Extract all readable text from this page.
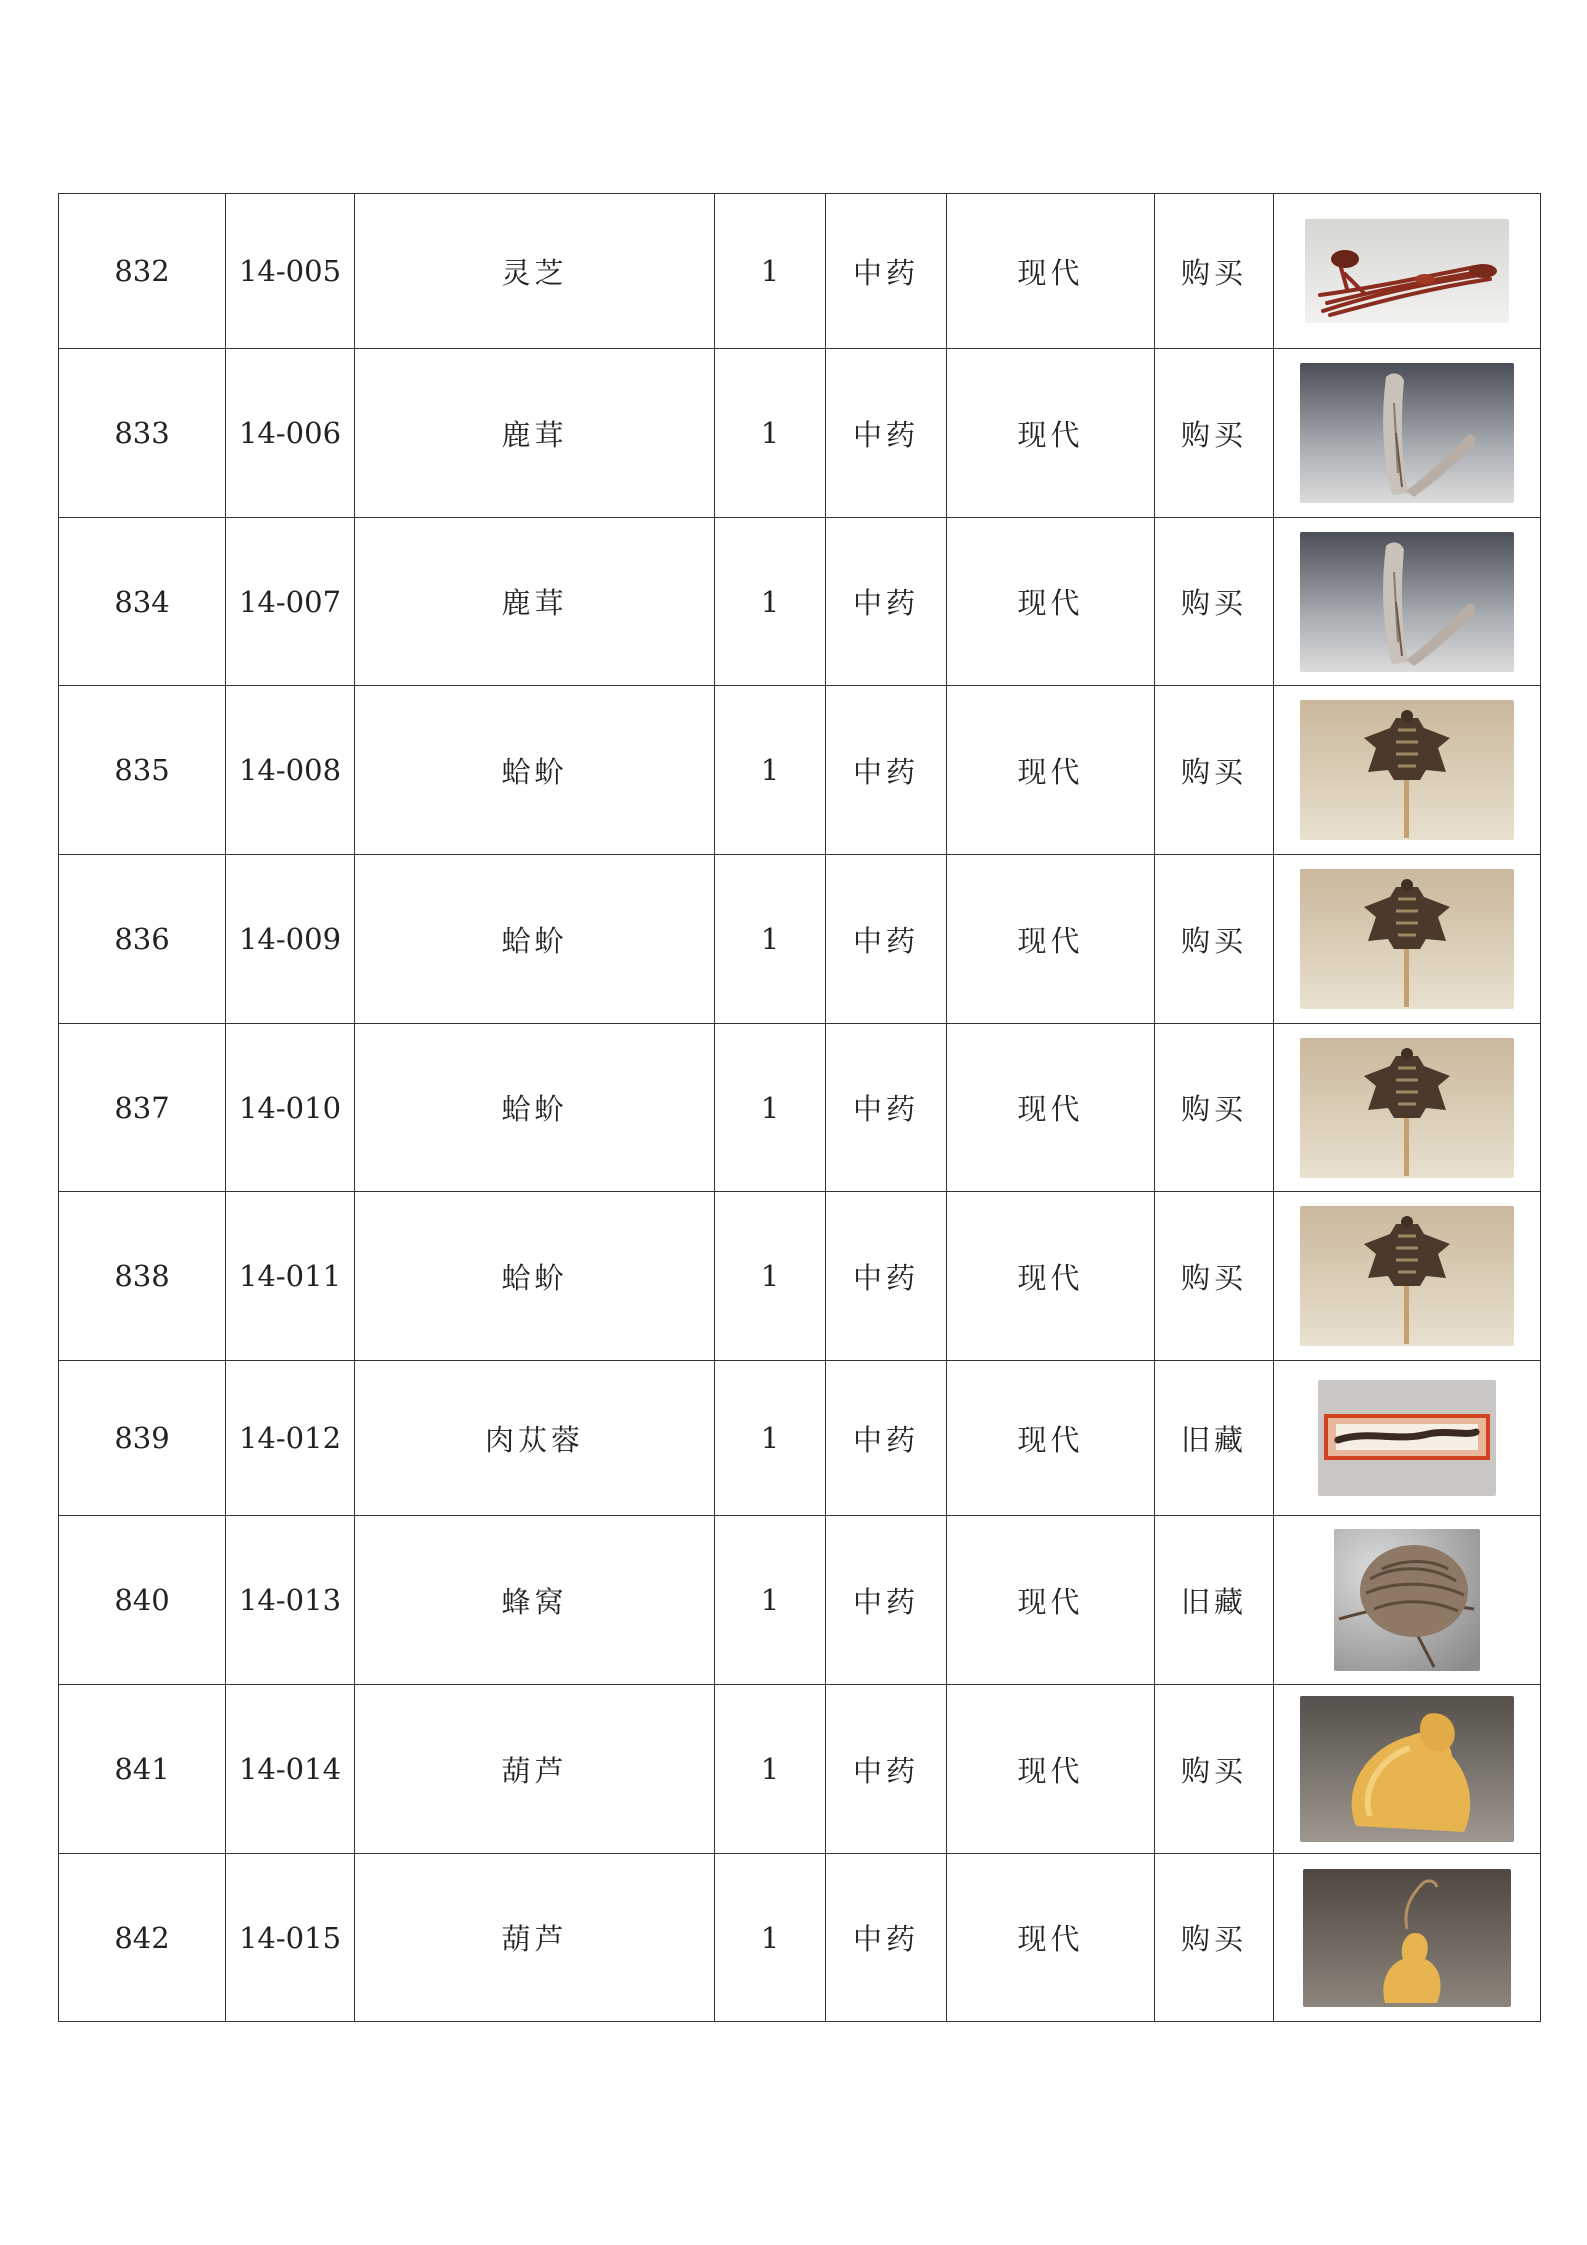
832	14-005	灵芝	1	中药	现代	购买	

833	14-006	鹿茸	1	中药	现代	购买	

834	14-007	鹿茸	1	中药	现代	购买	

835	14-008	蛤蚧	1	中药	现代	购买	

836	14-009	蛤蚧	1	中药	现代	购买	

837	14-010	蛤蚧	1	中药	现代	购买	

838	14-011	蛤蚧	1	中药	现代	购买	

839	14-012	肉苁蓉	1	中药	现代	旧藏	

840	14-013	蜂窝	1	中药	现代	旧藏	

841	14-014	葫芦	1	中药	现代	购买	

842	14-015	葫芦	1	中药	现代	购买	
